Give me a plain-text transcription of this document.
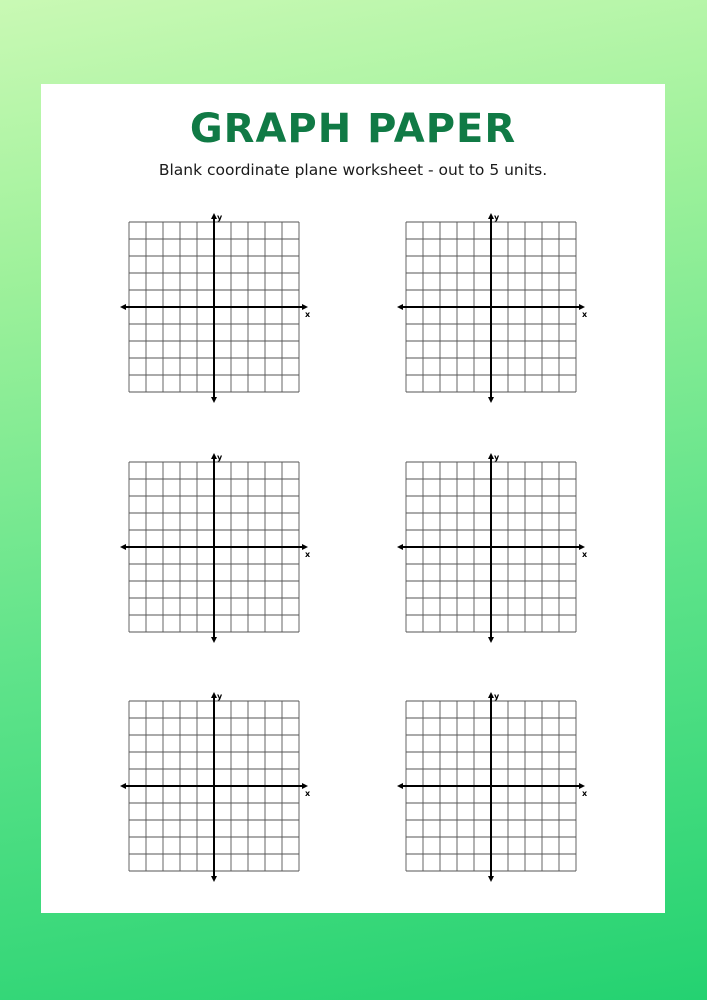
GRAPH PAPER
Blank coordinate plane worksheet - out to 5 units.
x
y
x
y
x
y
x
y
x
y
x
y
